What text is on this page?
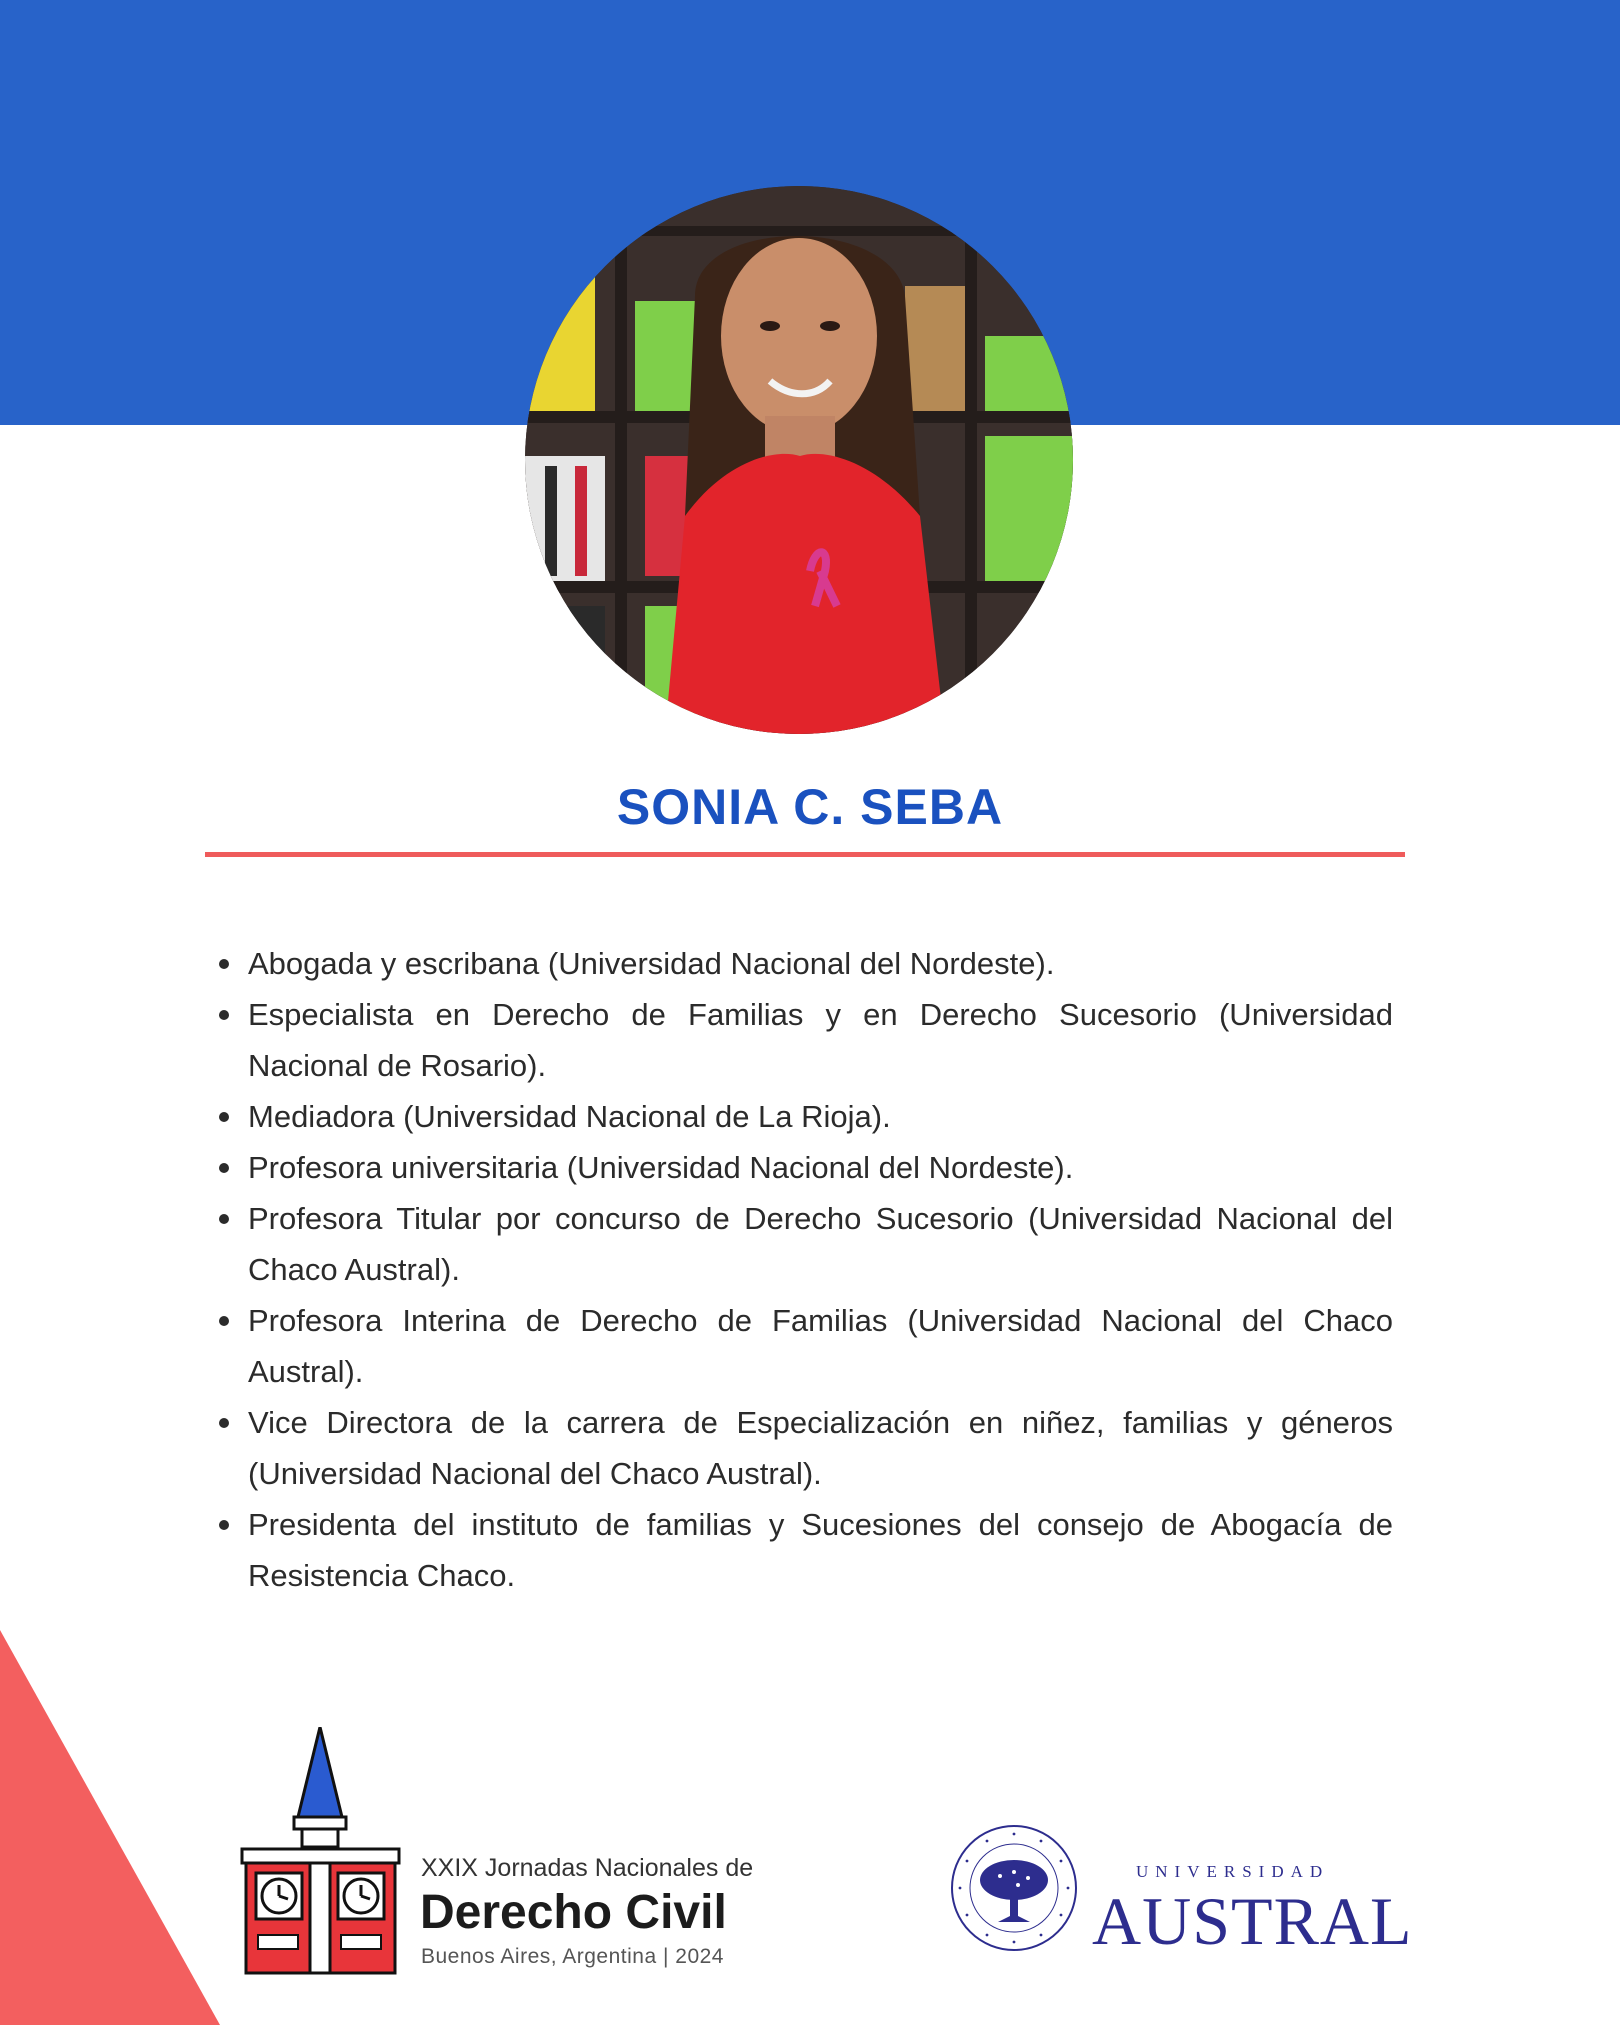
SONIA C. SEBA
Abogada y escribana (Universidad Nacional del Nordeste).
Especialista en Derecho de Familias y en Derecho Sucesorio (Universidad Nacional de Rosario).
Mediadora (Universidad Nacional de La Rioja).
Profesora universitaria (Universidad Nacional del Nordeste).
Profesora Titular por concurso de Derecho Sucesorio (Universidad Nacional del Chaco Austral).
Profesora Interina de Derecho de Familias (Universidad Nacional del Chaco Austral).
Vice Directora de la carrera de Especialización en niñez, familias y géneros (Universidad Nacional del Chaco Austral).
Presidenta del instituto de familias y Sucesiones del consejo de Abogacía de Resistencia Chaco.
XXIX Jornadas Nacionales de
Derecho Civil
Buenos Aires, Argentina | 2024
UNIVERSIDAD
AUSTRAL
